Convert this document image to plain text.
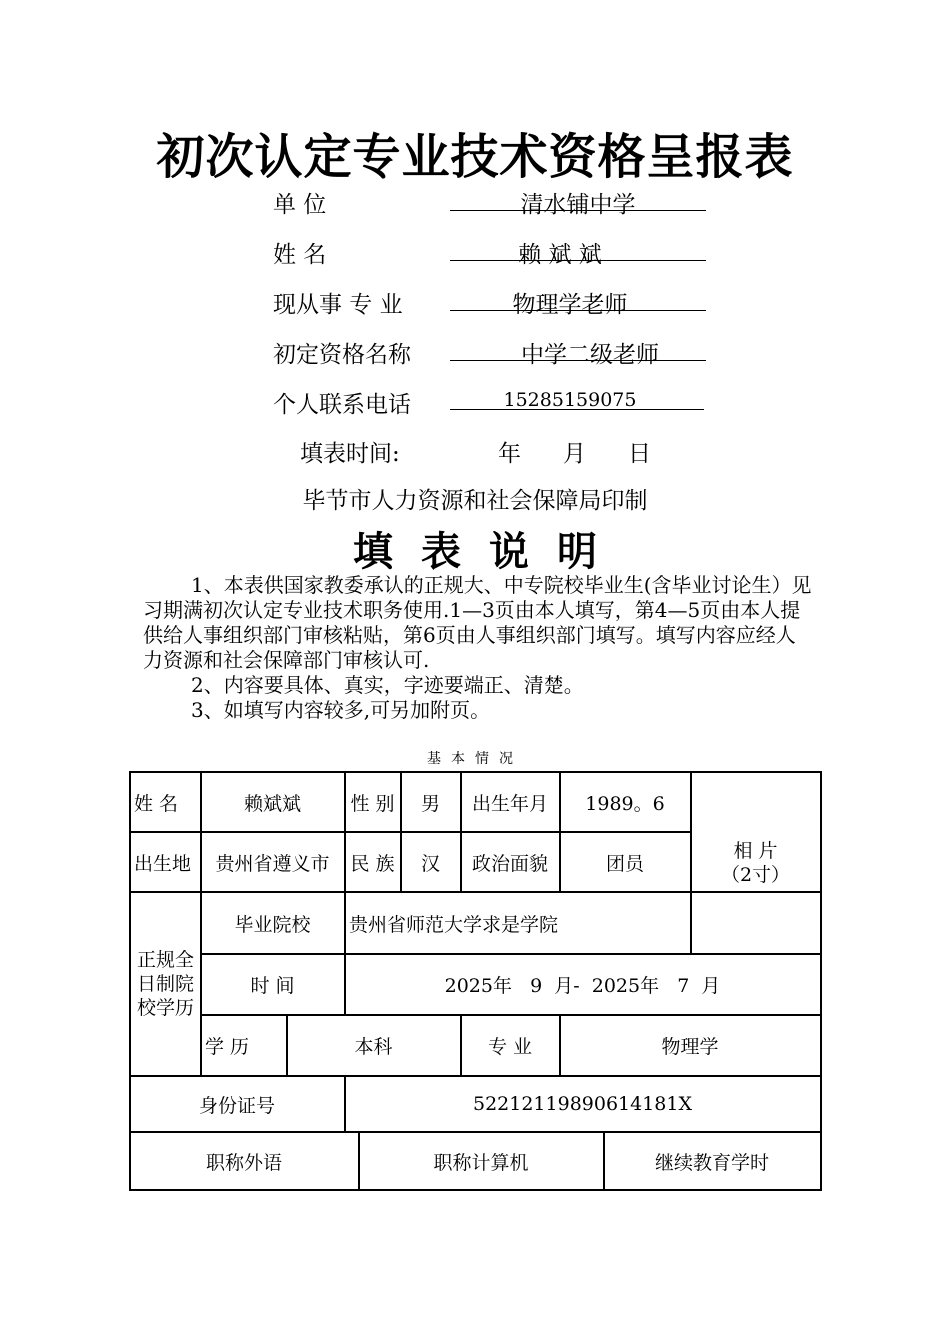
初次认定专业技术资格呈报表
单 位	清水铺中学
姓 名	赖 斌 斌
现从事 专 业	物理学老师
初定资格名称	中学二级老师
个人联系电话	15285159075
填表时间:	年 月 日
毕节市人力资源和社会保障局印制
填表说明

1、本表供国家教委承认的正规大、中专院校毕业生(含毕业讨论生）见习期满初次认定专业技术职务使用.1—3页由本人填写，第4—5页由本人提供给人事组织部门审核粘贴，第6页由人事组织部门填写。填写内容应经人力资源和社会保障部门审核认可.

2、内容要具体、真实，字迹要端正、清楚。

3、如填写内容较多,可另加附页。

基本情况
姓 名	赖斌斌	性 别	男	出生年月	1989。6
相 片
（2寸）
出生地	贵州省遵义市	民 族	汉	政治面貌	团员
正规全日制院校学历
毕业院校	贵州省师范大学求是学院
时 间	2025年   9  月-  2025年   7  月
学 历	本科	专 业	物理学
身份证号	52212119890614181X
职称外语	职称计算机	继续教育学时
